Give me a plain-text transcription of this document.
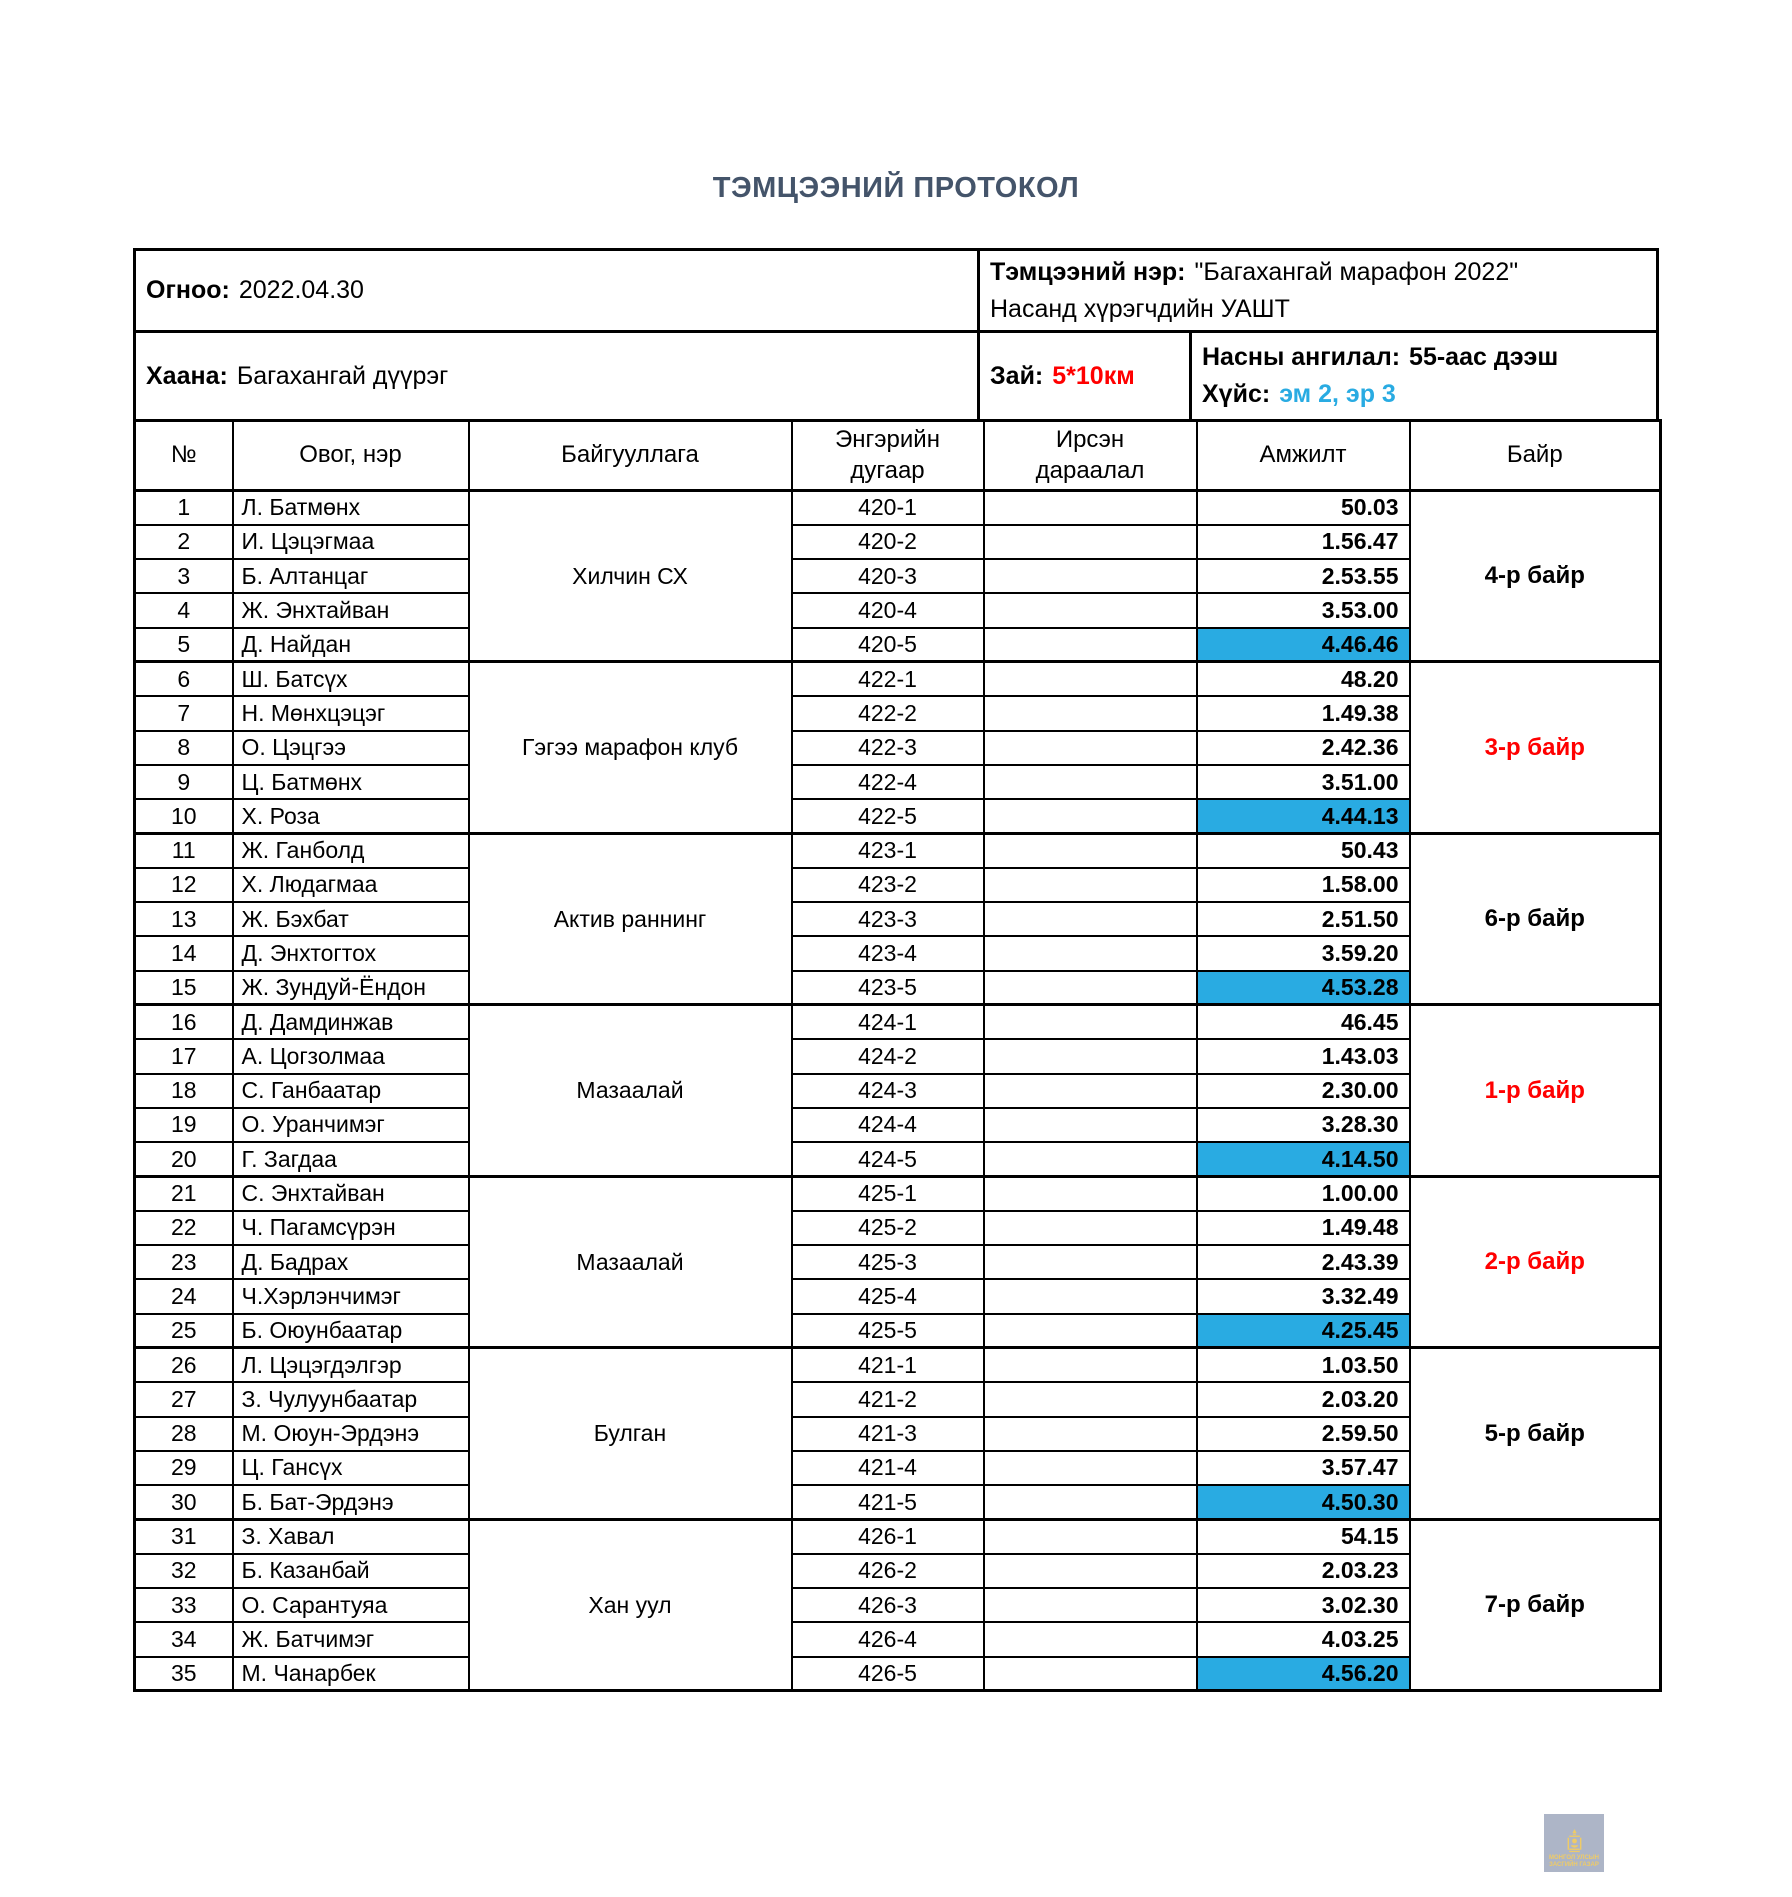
ТЭМЦЭЭНИЙ ПРОТОКОЛ
Огноо: 2022.04.30
Тэмцээний нэр: "Багахангай марафон 2022"
Насанд хүрэгчдийн УАШТ
Хаана: Багахангай дүүрэг	Зай: 5*10км
Насны ангилал: 55-аас дээш
Хүйс: эм 2, эр 3
№	Овог, нэр	Байгууллага	Энгэрийн дугаар	Ирсэн дараалал	Амжилт	Байр
1	Л. Батмөнх	Хилчин СХ	420-1		50.03	4-р байр
2	И. Цэцэгмаа		420-2		1.56.47	
3	Б. Алтанцаг		420-3		2.53.55	
4	Ж. Энхтайван		420-4		3.53.00	
5	Д. Найдан		420-5		4.46.46	
6	Ш. Батсүх	Гэгээ марафон клуб	422-1		48.20	3-р байр
7	Н. Мөнхцэцэг		422-2		1.49.38	
8	О. Цэцгээ		422-3		2.42.36	
9	Ц. Батмөнх		422-4		3.51.00	
10	Х. Роза		422-5		4.44.13	
11	Ж. Ганболд	Актив раннинг	423-1		50.43	6-р байр
12	Х. Людагмаа		423-2		1.58.00	
13	Ж. Бэхбат		423-3		2.51.50	
14	Д. Энхтогтох		423-4		3.59.20	
15	Ж. Зундуй-Ёндон		423-5		4.53.28	
16	Д. Дамдинжав	Мазаалай	424-1		46.45	1-р байр
17	А. Цогзолмаа		424-2		1.43.03	
18	С. Ганбаатар		424-3		2.30.00	
19	О. Уранчимэг		424-4		3.28.30	
20	Г. Загдаа		424-5		4.14.50	
21	С. Энхтайван	Мазаалай	425-1		1.00.00	2-р байр
22	Ч. Пагамсүрэн		425-2		1.49.48	
23	Д. Бадрах		425-3		2.43.39	
24	Ч.Хэрлэнчимэг		425-4		3.32.49	
25	Б. Оюунбаатар		425-5		4.25.45	
26	Л. Цэцэгдэлгэр	Булган	421-1		1.03.50	5-р байр
27	З. Чулуунбаатар		421-2		2.03.20	
28	М. Оюун-Эрдэнэ		421-3		2.59.50	
29	Ц. Гансүх		421-4		3.57.47	
30	Б. Бат-Эрдэнэ		421-5		4.50.30	
31	З. Хавал	Хан уул	426-1		54.15	7-р байр
32	Б. Казанбай		426-2		2.03.23	
33	О. Сарантуяа		426-3		3.02.30	
34	Ж. Батчимэг		426-4		4.03.25	
35	М. Чанарбек		426-5		4.56.20	
МОНГОЛ УЛСЫН
ЗАСГИЙН ГАЗАР
